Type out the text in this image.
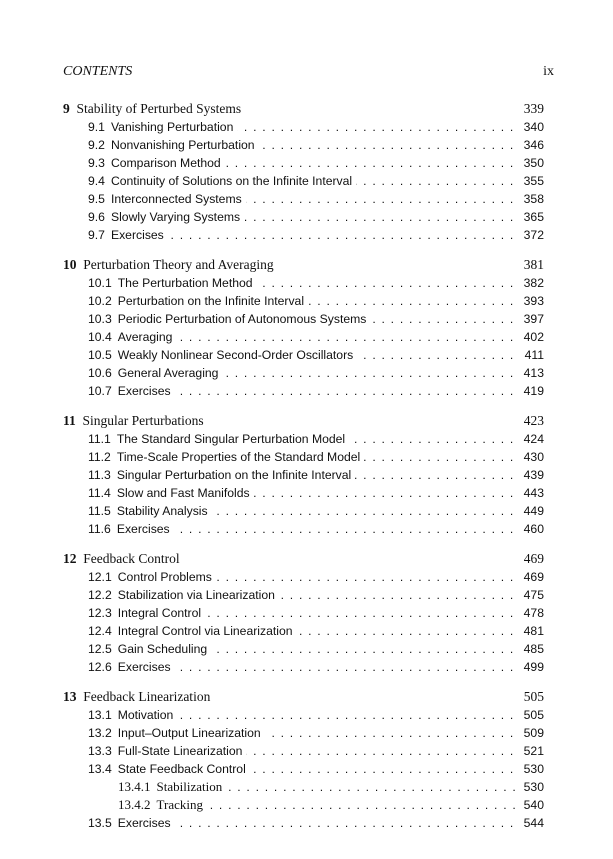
CONTENTS	ix
9 Stability of Perturbed Systems	339
9.1 Vanishing Perturbation . . .	340
9.2 Nonvanishing Perturbation . . .	346
9.3 Comparison Method . . .	350
9.4 Continuity of Solutions on the Infinite Interval . . .	355
9.5 Interconnected Systems . . .	358
9.6 Slowly Varying Systems . . .	365
9.7 Exercises . . .	372
10 Perturbation Theory and Averaging	381
10.1 The Perturbation Method . . .	382
10.2 Perturbation on the Infinite Interval . . .	393
10.3 Periodic Perturbation of Autonomous Systems . . .	397
10.4 Averaging . . .	402
10.5 Weakly Nonlinear Second-Order Oscillators . . .	411
10.6 General Averaging . . .	413
10.7 Exercises . . .	419
11 Singular Perturbations	423
11.1 The Standard Singular Perturbation Model . . .	424
11.2 Time-Scale Properties of the Standard Model . . .	430
11.3 Singular Perturbation on the Infinite Interval . . .	439
11.4 Slow and Fast Manifolds . . .	443
11.5 Stability Analysis . . .	449
11.6 Exercises . . .	460
12 Feedback Control	469
12.1 Control Problems . . .	469
12.2 Stabilization via Linearization . . .	475
12.3 Integral Control . . .	478
12.4 Integral Control via Linearization . . .	481
12.5 Gain Scheduling . . .	485
12.6 Exercises . . .	499
13 Feedback Linearization	505
13.1 Motivation . . .	505
13.2 Input–Output Linearization . . .	509
13.3 Full-State Linearization . . .	521
13.4 State Feedback Control . . .	530
13.4.1 Stabilization . . .	530
13.4.2 Tracking . . .	540
13.5 Exercises . . .	544
